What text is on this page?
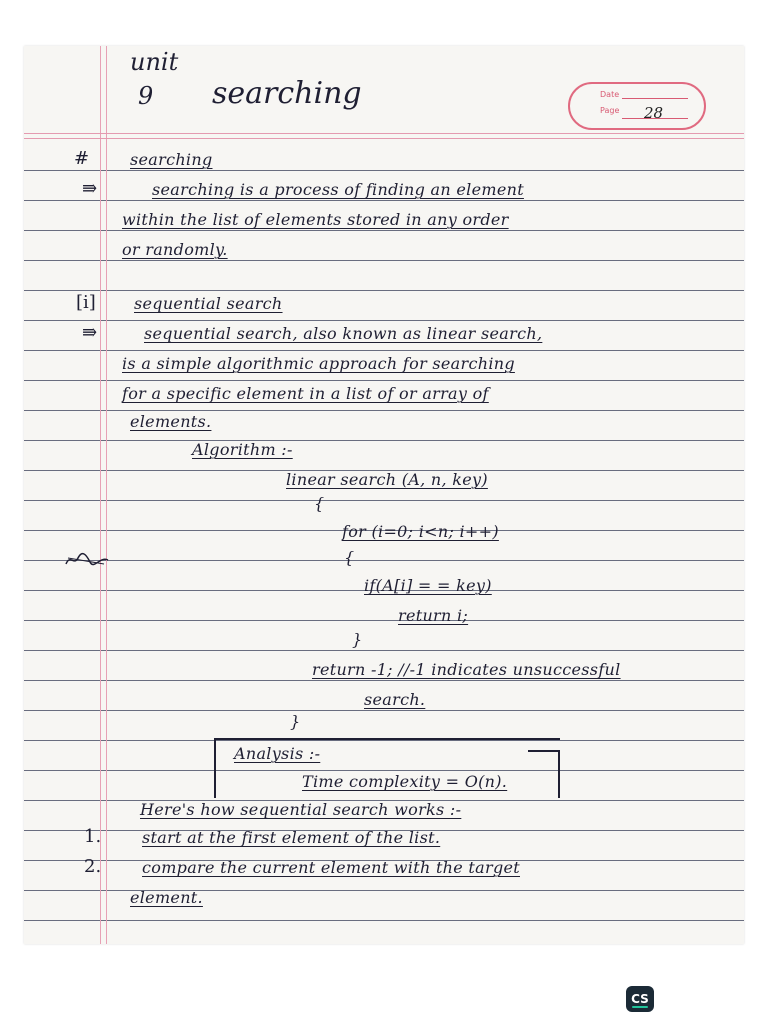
unit
9 searching	Date
Page 28
searching
#
searching is a process of finding an element
⇛
within the list of elements stored in any order
or randomly.
sequential search
[i]
sequential search, also known as linear search,
⇛
is a simple algorithmic approach for searching
for a specific element in a list of or array of
elements.
Algorithm :-
linear search (A, n, key)
{
for (i=0; i<n; i++)
{
if(A[i] = = key)
return i;
}
return -1; //-1 indicates unsuccessful
search.
}
Analysis :-
Time complexity = O(n).
Here's how sequential search works :-
start at the first element of the list.
1.
compare the current element with the target
2.
element.
CS
